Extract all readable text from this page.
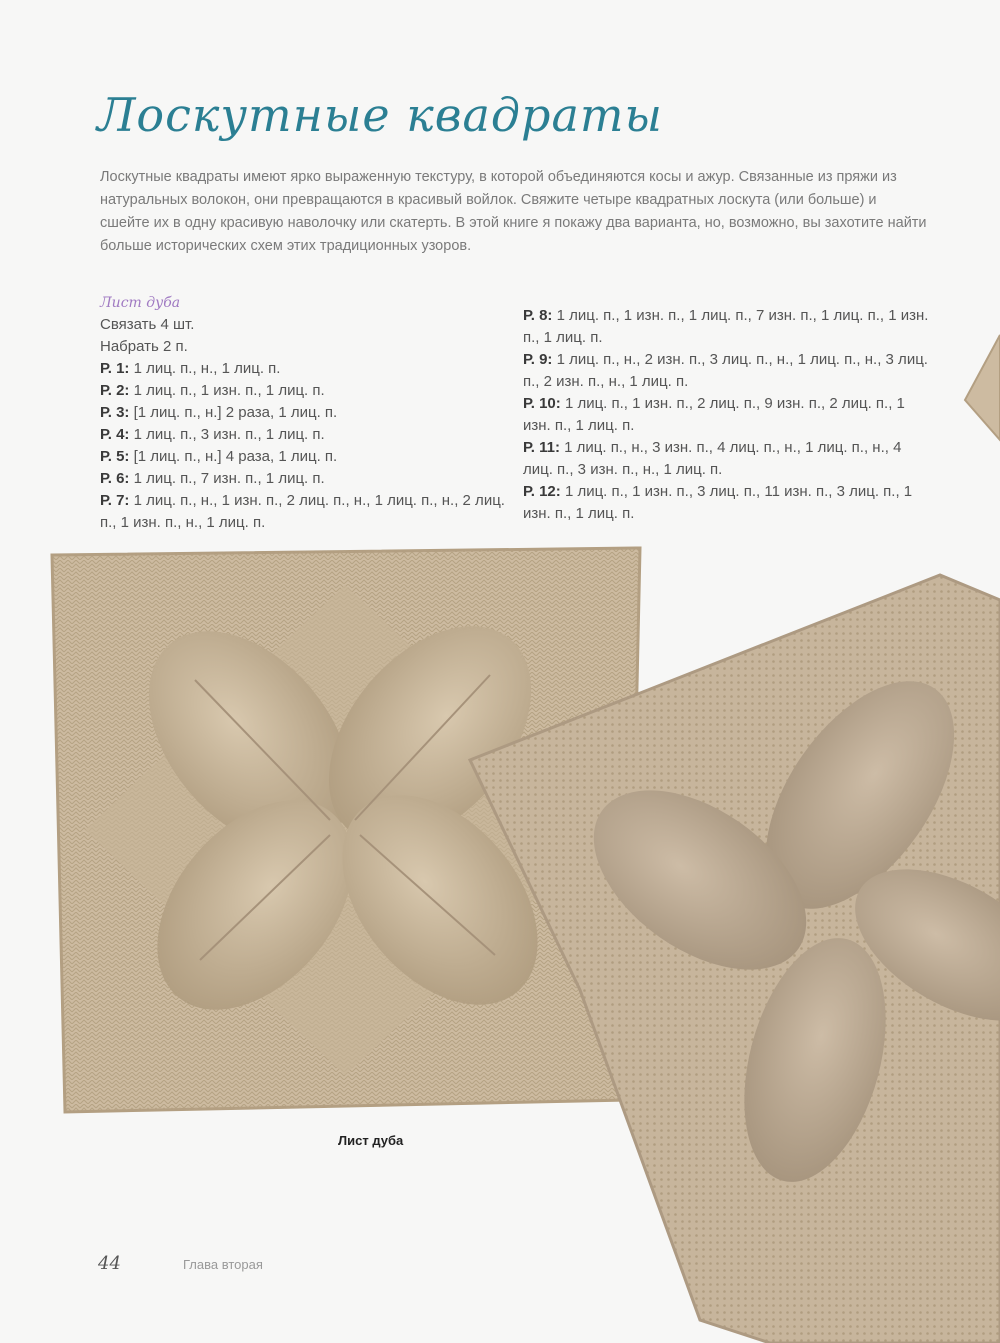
Лоскутные квадраты

Лоскутные квадраты имеют ярко выраженную текстуру, в которой объединяются косы и ажур. Связанные из пряжи из натуральных волокон, они превращаются в красивый войлок. Свяжите четыре квадратных лоскута (или больше) и сшейте их в одну красивую наволочку или скатерть. В этой книге я покажу два варианта, но, возможно, вы захотите найти больше исторических схем этих традиционных узоров.

Лист дуба
Связать 4 шт.
Набрать 2 п.
Р. 1: 1 лиц. п., н., 1 лиц. п.
Р. 2: 1 лиц. п., 1 изн. п., 1 лиц. п.
Р. 3: [1 лиц. п., н.] 2 раза, 1 лиц. п.
Р. 4: 1 лиц. п., 3 изн. п., 1 лиц. п.
Р. 5: [1 лиц. п., н.] 4 раза, 1 лиц. п.
Р. 6: 1 лиц. п., 7 изн. п., 1 лиц. п.
Р. 7: 1 лиц. п., н., 1 изн. п., 2 лиц. п., н., 1 лиц. п., н., 2 лиц. п., 1 изн. п., н., 1 лиц. п.
Р. 8: 1 лиц. п., 1 изн. п., 1 лиц. п., 7 изн. п., 1 лиц. п., 1 изн. п., 1 лиц. п.
Р. 9: 1 лиц. п., н., 2 изн. п., 3 лиц. п., н., 1 лиц. п., н., 3 лиц. п., 2 изн. п., н., 1 лиц. п.
Р. 10: 1 лиц. п., 1 изн. п., 2 лиц. п., 9 изн. п., 2 лиц. п., 1 изн. п., 1 лиц. п.
Р. 11: 1 лиц. п., н., 3 изн. п., 4 лиц. п., н., 1 лиц. п., н., 4 лиц. п., 3 изн. п., н., 1 лиц. п.
Р. 12: 1 лиц. п., 1 изн. п., 3 лиц. п., 11 изн. п., 3 лиц. п., 1 изн. п., 1 лиц. п.
Лист дуба
44	Глава вторая
